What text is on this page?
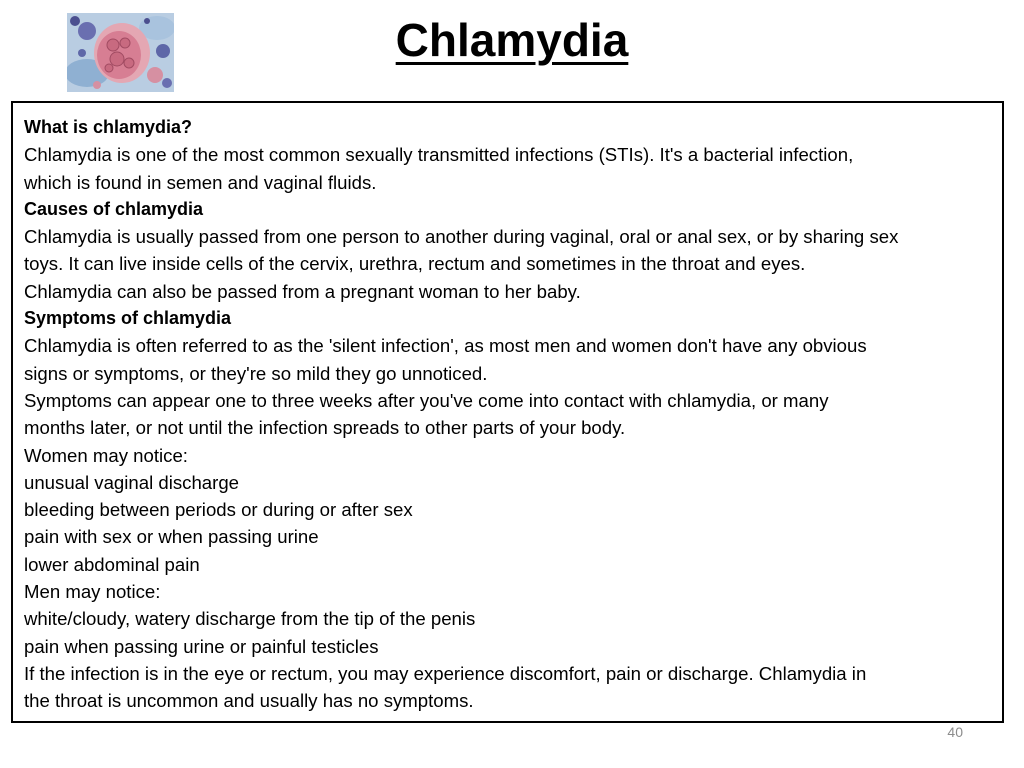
Chlamydia
What is chlamydia?
Chlamydia is one of the most common sexually transmitted infections (STIs). It's a bacterial infection,
which is found in semen and vaginal fluids.
Causes of chlamydia
Chlamydia is usually passed from one person to another during vaginal, oral or anal sex, or by sharing sex
toys. It can live inside cells of the cervix, urethra, rectum and sometimes in the throat and eyes.
Chlamydia can also be passed from a pregnant woman to her baby.
Symptoms of chlamydia
Chlamydia is often referred to as the 'silent infection', as most men and women don't have any obvious
signs or symptoms, or they're so mild they go unnoticed.
Symptoms can appear one to three weeks after you've come into contact with chlamydia, or many
months later, or not until the infection spreads to other parts of your body.
Women may notice:
unusual vaginal discharge
bleeding between periods or during or after sex
pain with sex or when passing urine
lower abdominal pain
Men may notice:
white/cloudy, watery discharge from the tip of the penis
pain when passing urine or painful testicles
If the infection is in the eye or rectum, you may experience discomfort, pain or discharge. Chlamydia in
the throat is uncommon and usually has no symptoms.
40
